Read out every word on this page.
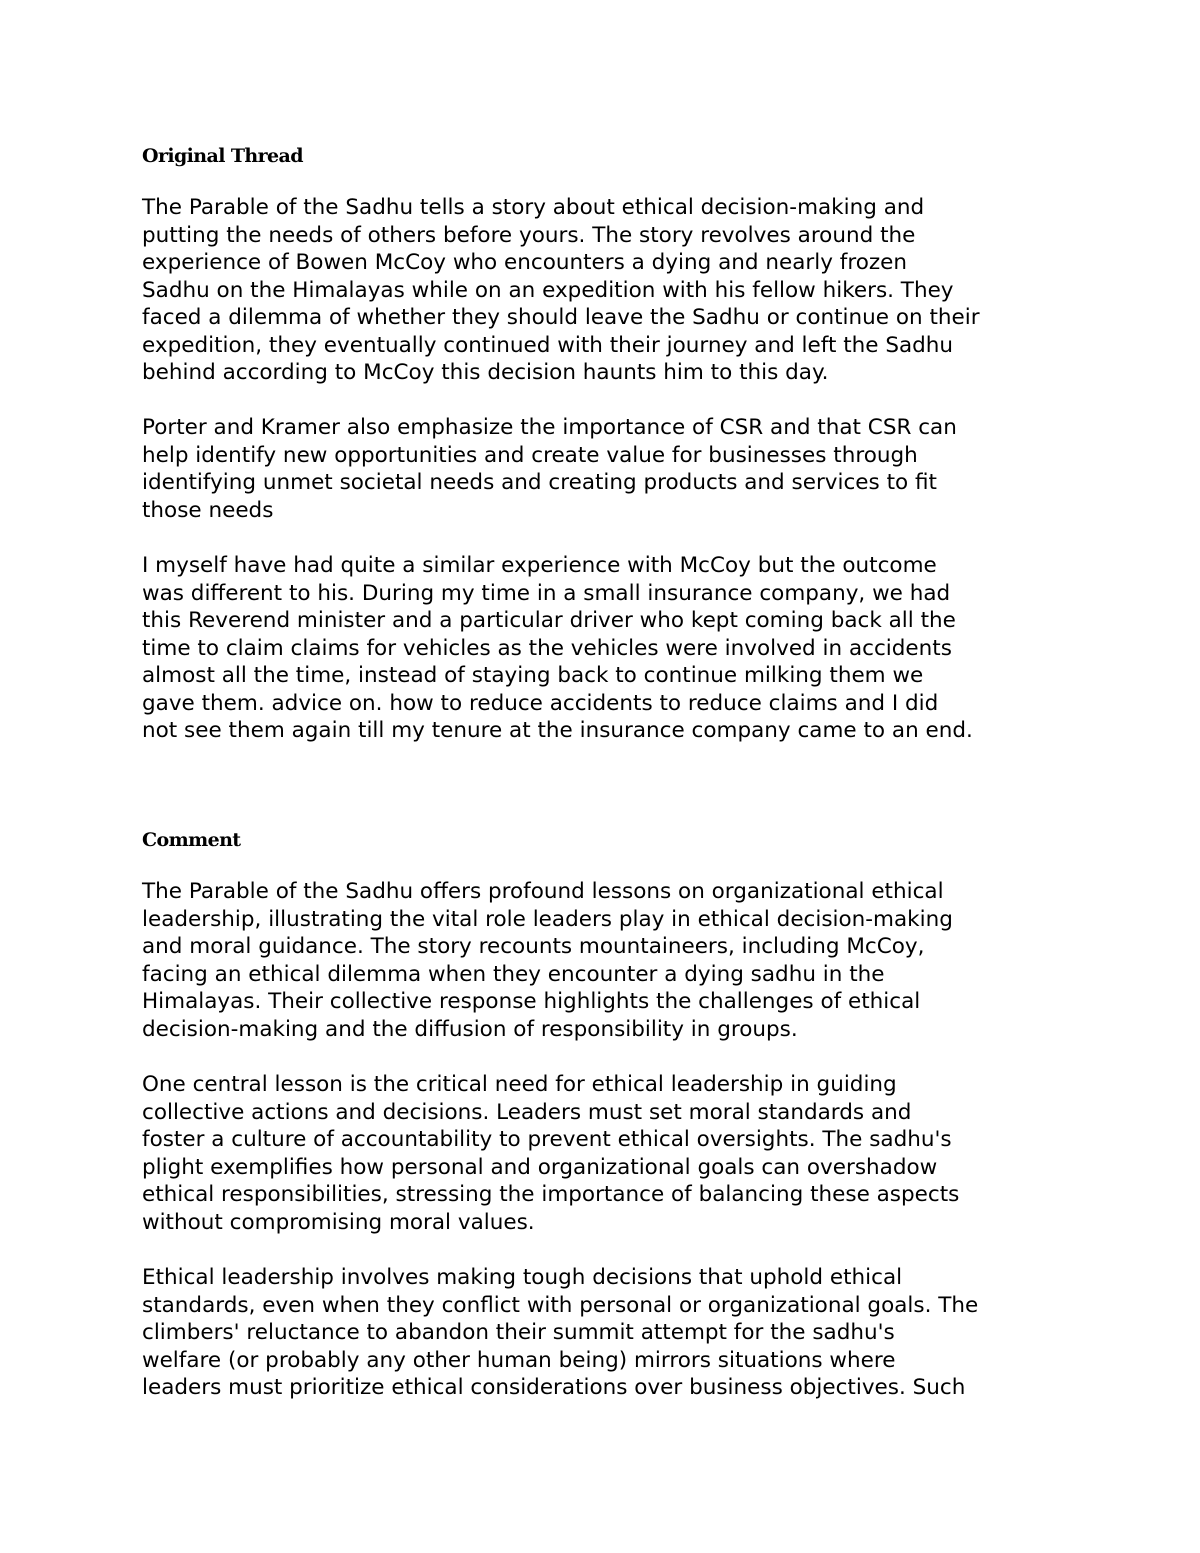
Original Thread

The Parable of the Sadhu tells a story about ethical decision-making and
putting the needs of others before yours. The story revolves around the
experience of Bowen McCoy who encounters a dying and nearly frozen
Sadhu on the Himalayas while on an expedition with his fellow hikers. They
faced a dilemma of whether they should leave the Sadhu or continue on their
expedition, they eventually continued with their journey and left the Sadhu
behind according to McCoy this decision haunts him to this day.

Porter and Kramer also emphasize the importance of CSR and that CSR can
help identify new opportunities and create value for businesses through
identifying unmet societal needs and creating products and services to fit
those needs

I myself have had quite a similar experience with McCoy but the outcome
was different to his. During my time in a small insurance company, we had
this Reverend minister and a particular driver who kept coming back all the
time to claim claims for vehicles as the vehicles were involved in accidents
almost all the time, instead of staying back to continue milking them we
gave them. advice on. how to reduce accidents to reduce claims and I did
not see them again till my tenure at the insurance company came to an end.

Comment

The Parable of the Sadhu offers profound lessons on organizational ethical
leadership, illustrating the vital role leaders play in ethical decision-making
and moral guidance. The story recounts mountaineers, including McCoy,
facing an ethical dilemma when they encounter a dying sadhu in the
Himalayas. Their collective response highlights the challenges of ethical
decision-making and the diffusion of responsibility in groups.

One central lesson is the critical need for ethical leadership in guiding
collective actions and decisions. Leaders must set moral standards and
foster a culture of accountability to prevent ethical oversights. The sadhu's
plight exemplifies how personal and organizational goals can overshadow
ethical responsibilities, stressing the importance of balancing these aspects
without compromising moral values.

Ethical leadership involves making tough decisions that uphold ethical
standards, even when they conflict with personal or organizational goals. The
climbers' reluctance to abandon their summit attempt for the sadhu's
welfare (or probably any other human being) mirrors situations where
leaders must prioritize ethical considerations over business objectives. Such
